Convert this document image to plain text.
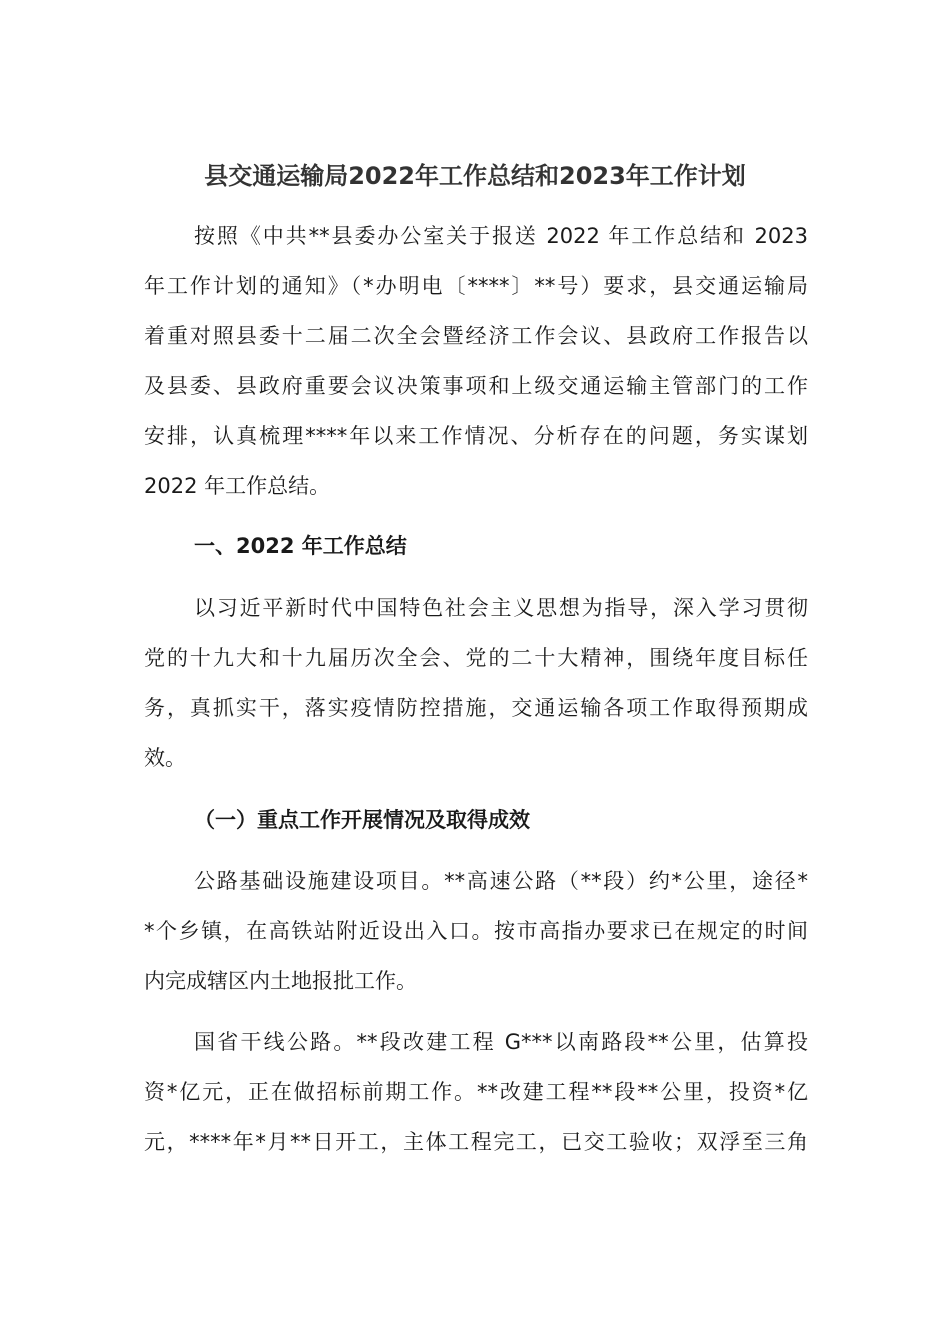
县交通运输局2022年工作总结和2023年工作计划
按照《中共**县委办公室关于报送 2022 年工作总结和 2023
年工作计划的通知》（*办明电〔****〕**号）要求，县交通运输局
着重对照县委十二届二次全会暨经济工作会议、县政府工作报告以
及县委、县政府重要会议决策事项和上级交通运输主管部门的工作
安排，认真梳理****年以来工作情况、分析存在的问题，务实谋划
2022 年工作总结。
一、2022 年工作总结
以习近平新时代中国特色社会主义思想为指导，深入学习贯彻
党的十九大和十九届历次全会、党的二十大精神，围绕年度目标任
务，真抓实干，落实疫情防控措施，交通运输各项工作取得预期成
效。
（一）重点工作开展情况及取得成效
公路基础设施建设项目。**高速公路（**段）约*公里，途径*
*个乡镇，在高铁站附近设出入口。按市高指办要求已在规定的时间
内完成辖区内土地报批工作。
国省干线公路。**段改建工程 G***以南路段**公里，估算投
资*亿元，正在做招标前期工作。**改建工程**段**公里，投资*亿
元，****年*月**日开工，主体工程完工，已交工验收；双浮至三角
